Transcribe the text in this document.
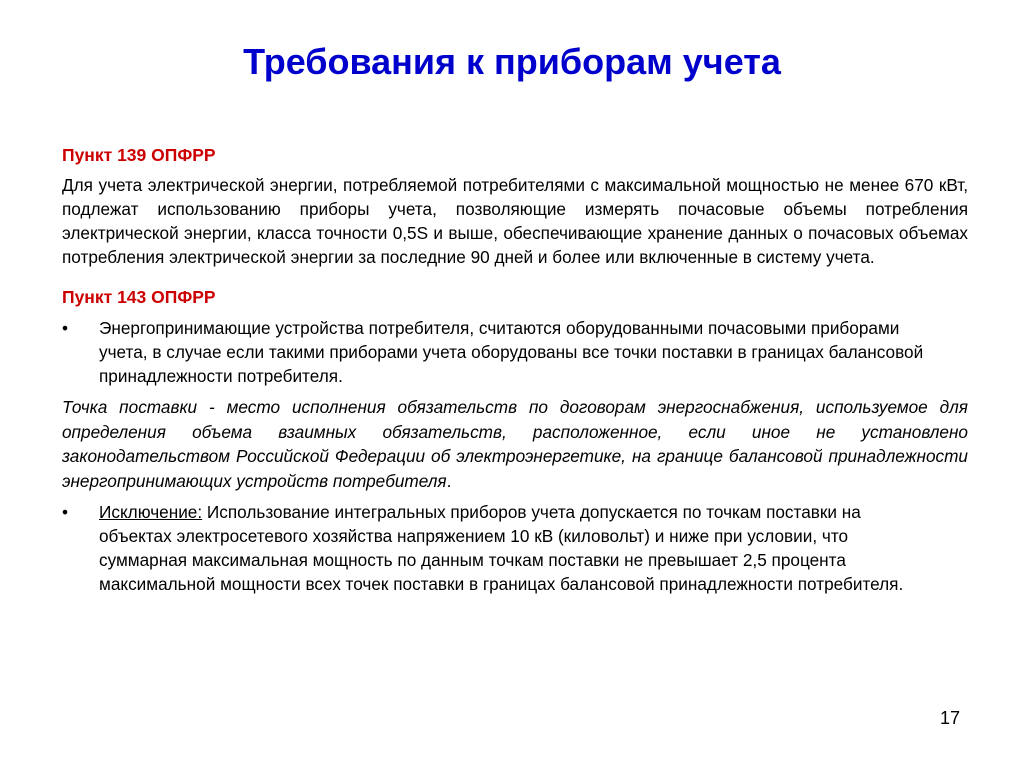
Требования к приборам учета
Пункт 139 ОПФРР

Для учета электрической энергии, потребляемой потребителями с максимальной мощностью не менее 670 кВт, подлежат использованию приборы учета, позволяющие измерять почасовые объемы потребления электрической энергии, класса точности 0,5S и выше, обеспечивающие хранение данных о почасовых объемах потребления электрической энергии за последние 90 дней и более или включенные в систему учета.

Пункт 143 ОПФРР
•	Энергопринимающие устройства потребителя, считаются оборудованными почасовыми приборами учета, в случае если такими приборами учета оборудованы все точки поставки в границах балансовой принадлежности потребителя.

Точка поставки - место исполнения обязательств по договорам энергоснабжения, используемое для определения объема взаимных обязательств, расположенное, если иное не установлено законодательством Российской Федерации об электроэнергетике, на границе балансовой принадлежности энергопринимающих устройств потребителя.

•	Исключение: Использование интегральных приборов учета допускается по точкам поставки на объектах электросетевого хозяйства напряжением 10 кВ (киловольт) и ниже при условии, что суммарная максимальная мощность по данным точкам поставки не превышает 2,5 процента максимальной мощности всех точек поставки в границах балансовой принадлежности потребителя.
17
